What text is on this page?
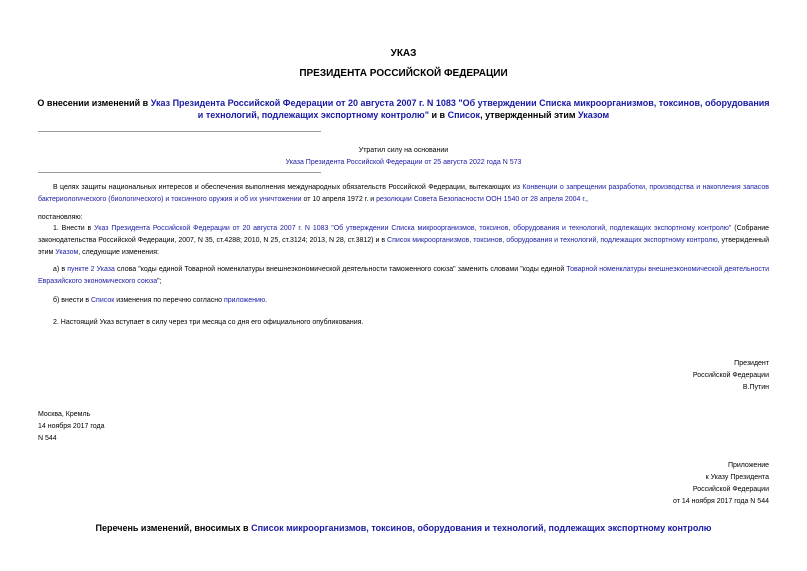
УКАЗ
ПРЕЗИДЕНТА РОССИЙСКОЙ ФЕДЕРАЦИИ
О внесении изменений в Указ Президента Российской Федерации от 20 августа 2007 г. N 1083 "Об утверждении Списка микроорганизмов, токсинов, оборудования
и технологий, подлежащих экспортному контролю" и в Список, утвержденный этим Указом
Утратил силу на основании
Указа Президента Российской Федерации от 25 августа 2022 года N 573
В целях защиты национальных интересов и обеспечения выполнения международных обязательств Российской Федерации, вытекающих из Конвенции о запрещении разработки, производства и накопления запасов бактериологического (биологического) и токсинного оружия и об их уничтожении от 10 апреля 1972 г. и резолюции Совета Безопасности ООН 1540 от 28 апреля 2004 г.,
постановляю:
1. Внести в Указ Президента Российской Федерации от 20 августа 2007 г. N 1083 "Об утверждении Списка микроорганизмов, токсинов, оборудования и технологий, подлежащих экспортному контролю" (Собрание законодательства Российской Федерации, 2007, N 35, ст.4288; 2010, N 25, ст.3124; 2013, N 28, ст.3812) и в Список микроорганизмов, токсинов, оборудования и технологий, подлежащих экспортному контролю, утвержденный этим Указом, следующие изменения:
а) в пункте 2 Указа слова "коды единой Товарной номенклатуры внешнеэкономической деятельности таможенного союза" заменить словами "коды единой Товарной номенклатуры внешнеэкономической деятельности Евразийского экономического союза";
б) внести в Список изменения по перечню согласно приложению.
2. Настоящий Указ вступает в силу через три месяца со дня его официального опубликования.
Президент
Российской Федерации
В.Путин
Москва, Кремль
14 ноября 2017 года
N 544
Приложение
к Указу Президента
Российской Федерации
от 14 ноября 2017 года N 544
Перечень изменений, вносимых в Список микроорганизмов, токсинов, оборудования и технологий, подлежащих экспортному контролю
